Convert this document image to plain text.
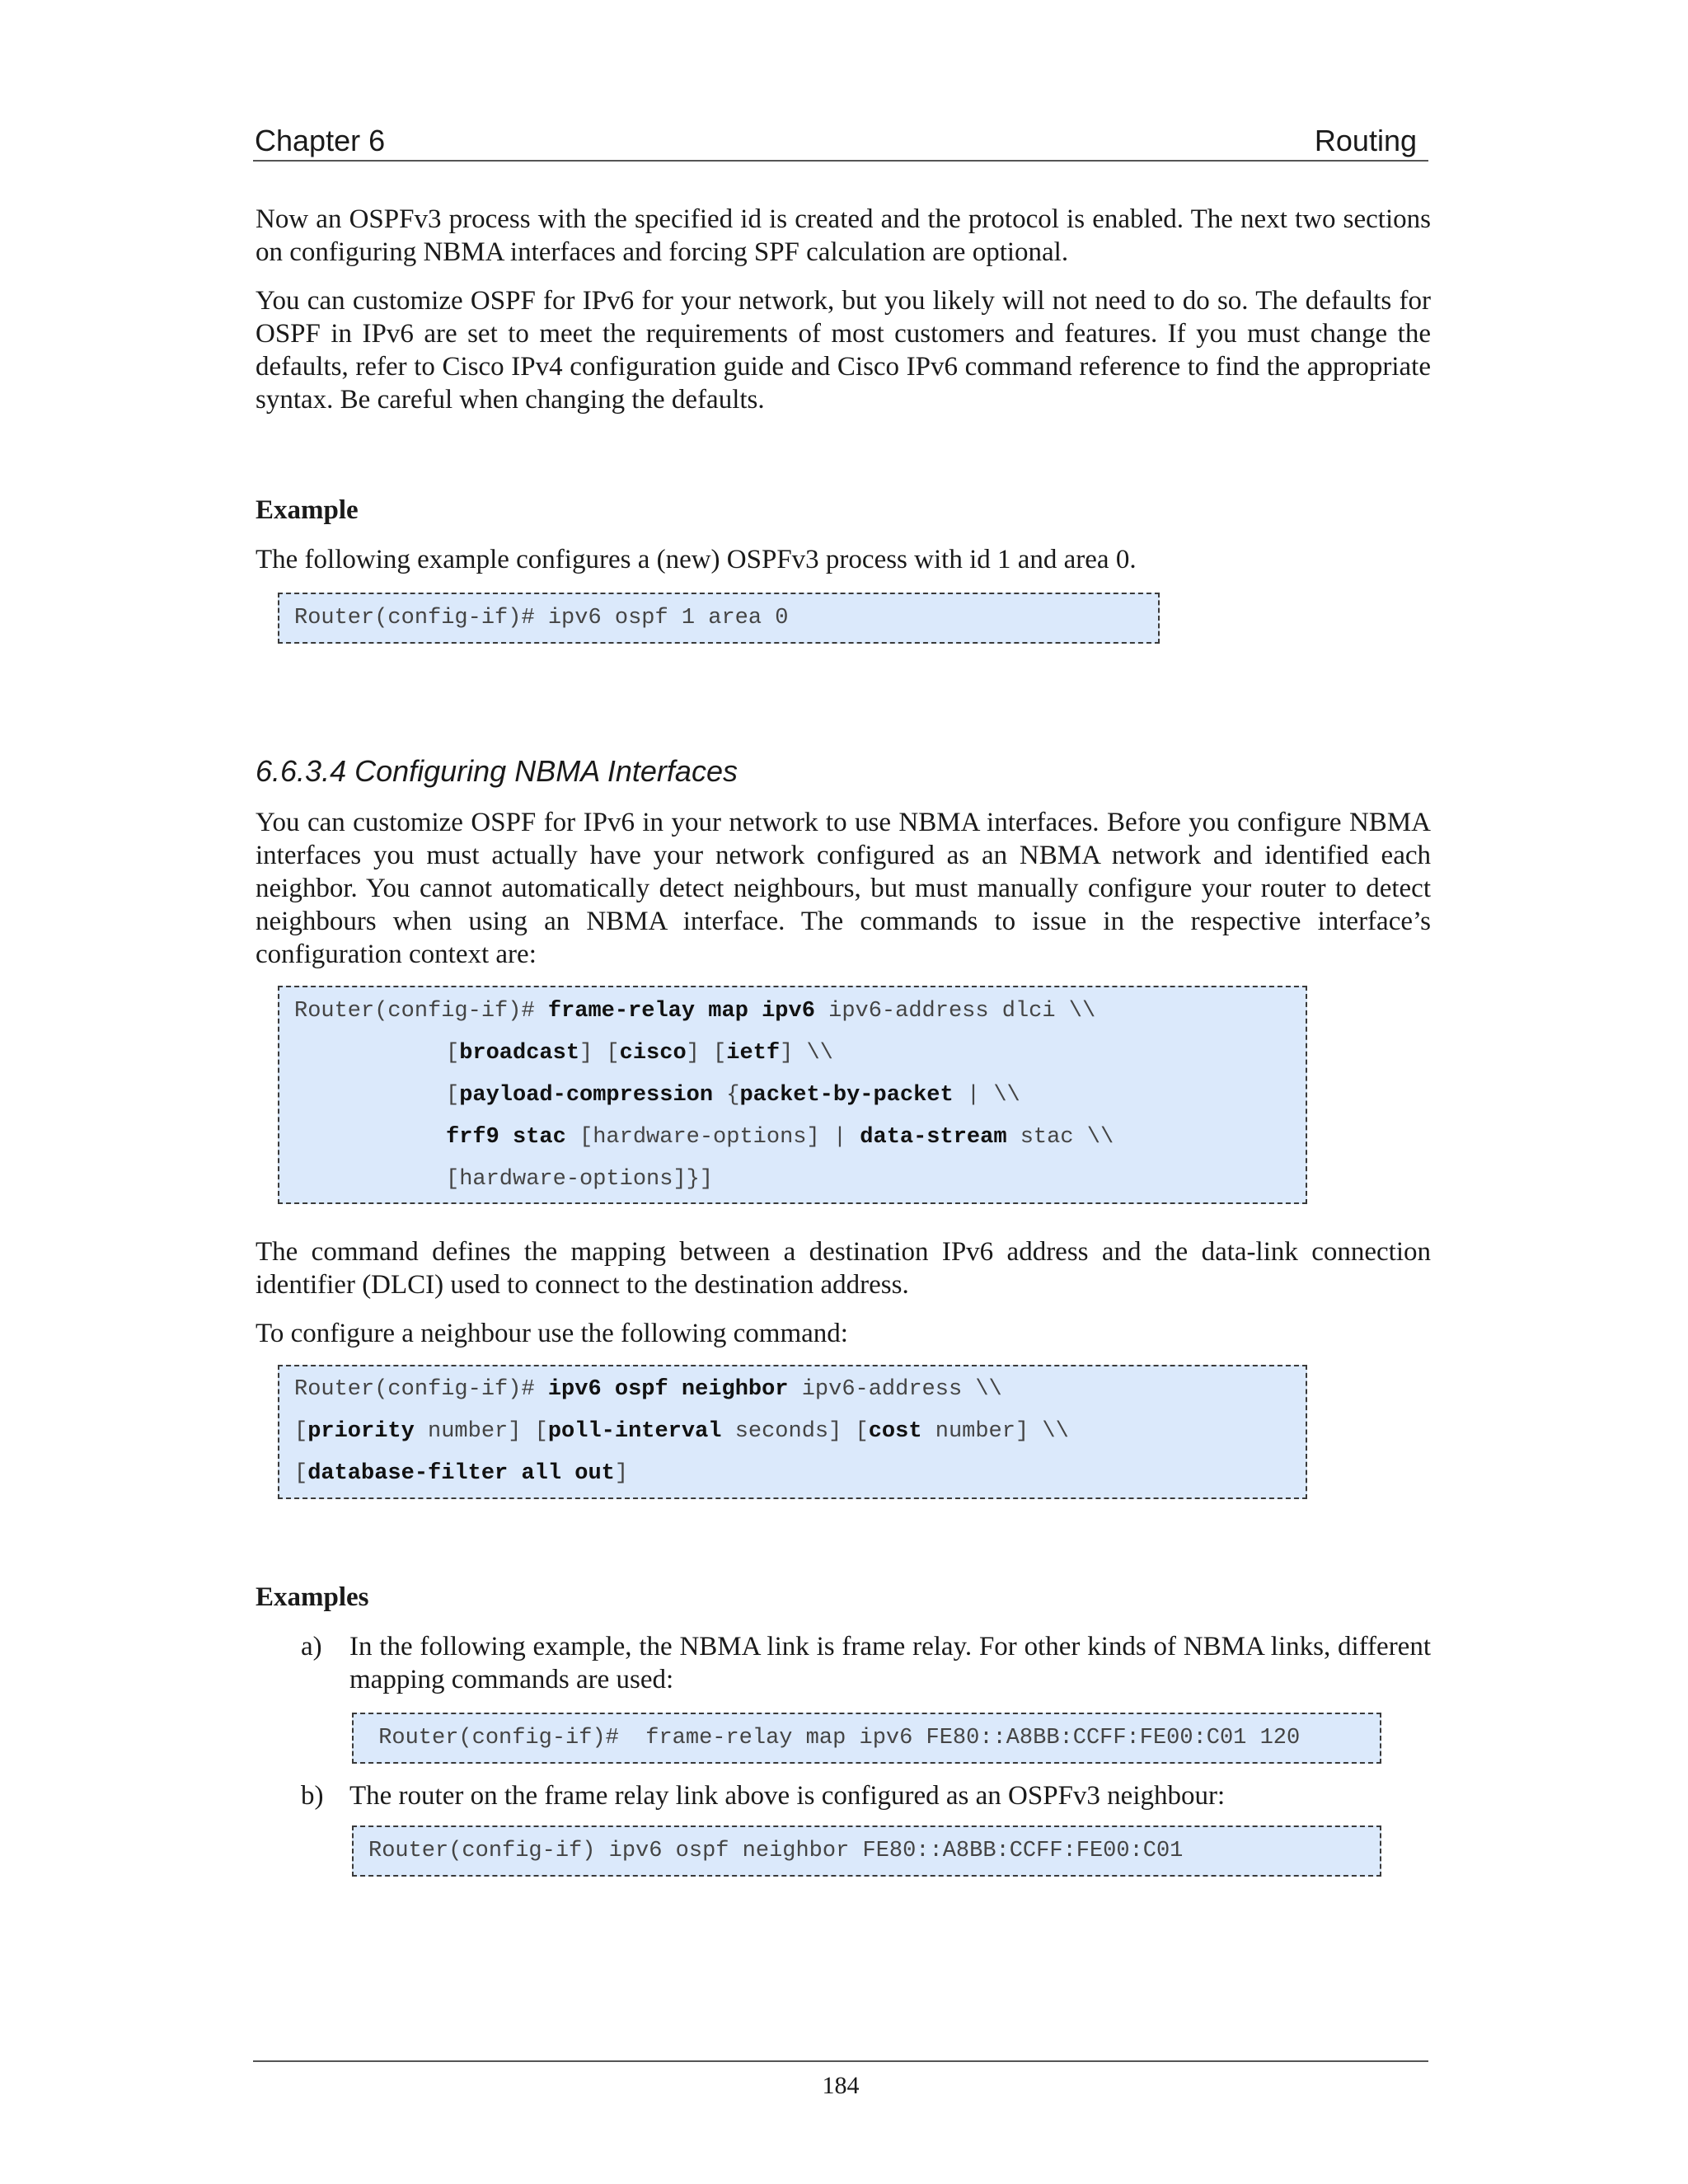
Chapter 6	Routing

Now an OSPFv3 process with the specified id is created and the protocol is enabled. The next two sections on configuring NBMA interfaces and forcing SPF calculation are optional.

You can customize OSPF for IPv6 for your network, but you likely will not need to do so. The defaults for OSPF in IPv6 are set to meet the requirements of most customers and features. If you must change the defaults, refer to Cisco IPv4 configuration guide and Cisco IPv6 command reference to find the appropriate syntax. Be careful when changing the defaults.

Example

The following example configures a (new) OSPFv3 process with id 1 and area 0.

Router(config-if)# ipv6 ospf 1 area 0

6.6.3.4 Configuring NBMA Interfaces

You can customize OSPF for IPv6 in your network to use NBMA interfaces. Before you configure NBMA interfaces you must actually have your network configured as an NBMA network and identified each neighbor. You cannot automatically detect neighbours, but must manually configure your router to detect neighbours when using an NBMA interface. The commands to issue in the respective interface’s configuration context are:

Router(config-if)# frame-relay map ipv6 ipv6-address dlci \\
[broadcast] [cisco] [ietf] \\
[payload-compression {packet-by-packet | \\
frf9 stac [hardware-options] | data-stream stac \\
[hardware-options]}]

The command defines the mapping between a destination IPv6 address and the data-link connection identifier (DLCI) used to connect to the destination address.

To configure a neighbour use the following command:

Router(config-if)# ipv6 ospf neighbor ipv6-address \\
[priority number] [poll-interval seconds] [cost number] \\
[database-filter all out]

Examples

a) In the following example, the NBMA link is frame relay. For other kinds of NBMA links, different mapping commands are used:
Router(config-if)#  frame-relay map ipv6 FE80::A8BB:CCFF:FE00:C01 120
b) The router on the frame relay link above is configured as an OSPFv3 neighbour:
Router(config-if) ipv6 ospf neighbor FE80::A8BB:CCFF:FE00:C01
184
